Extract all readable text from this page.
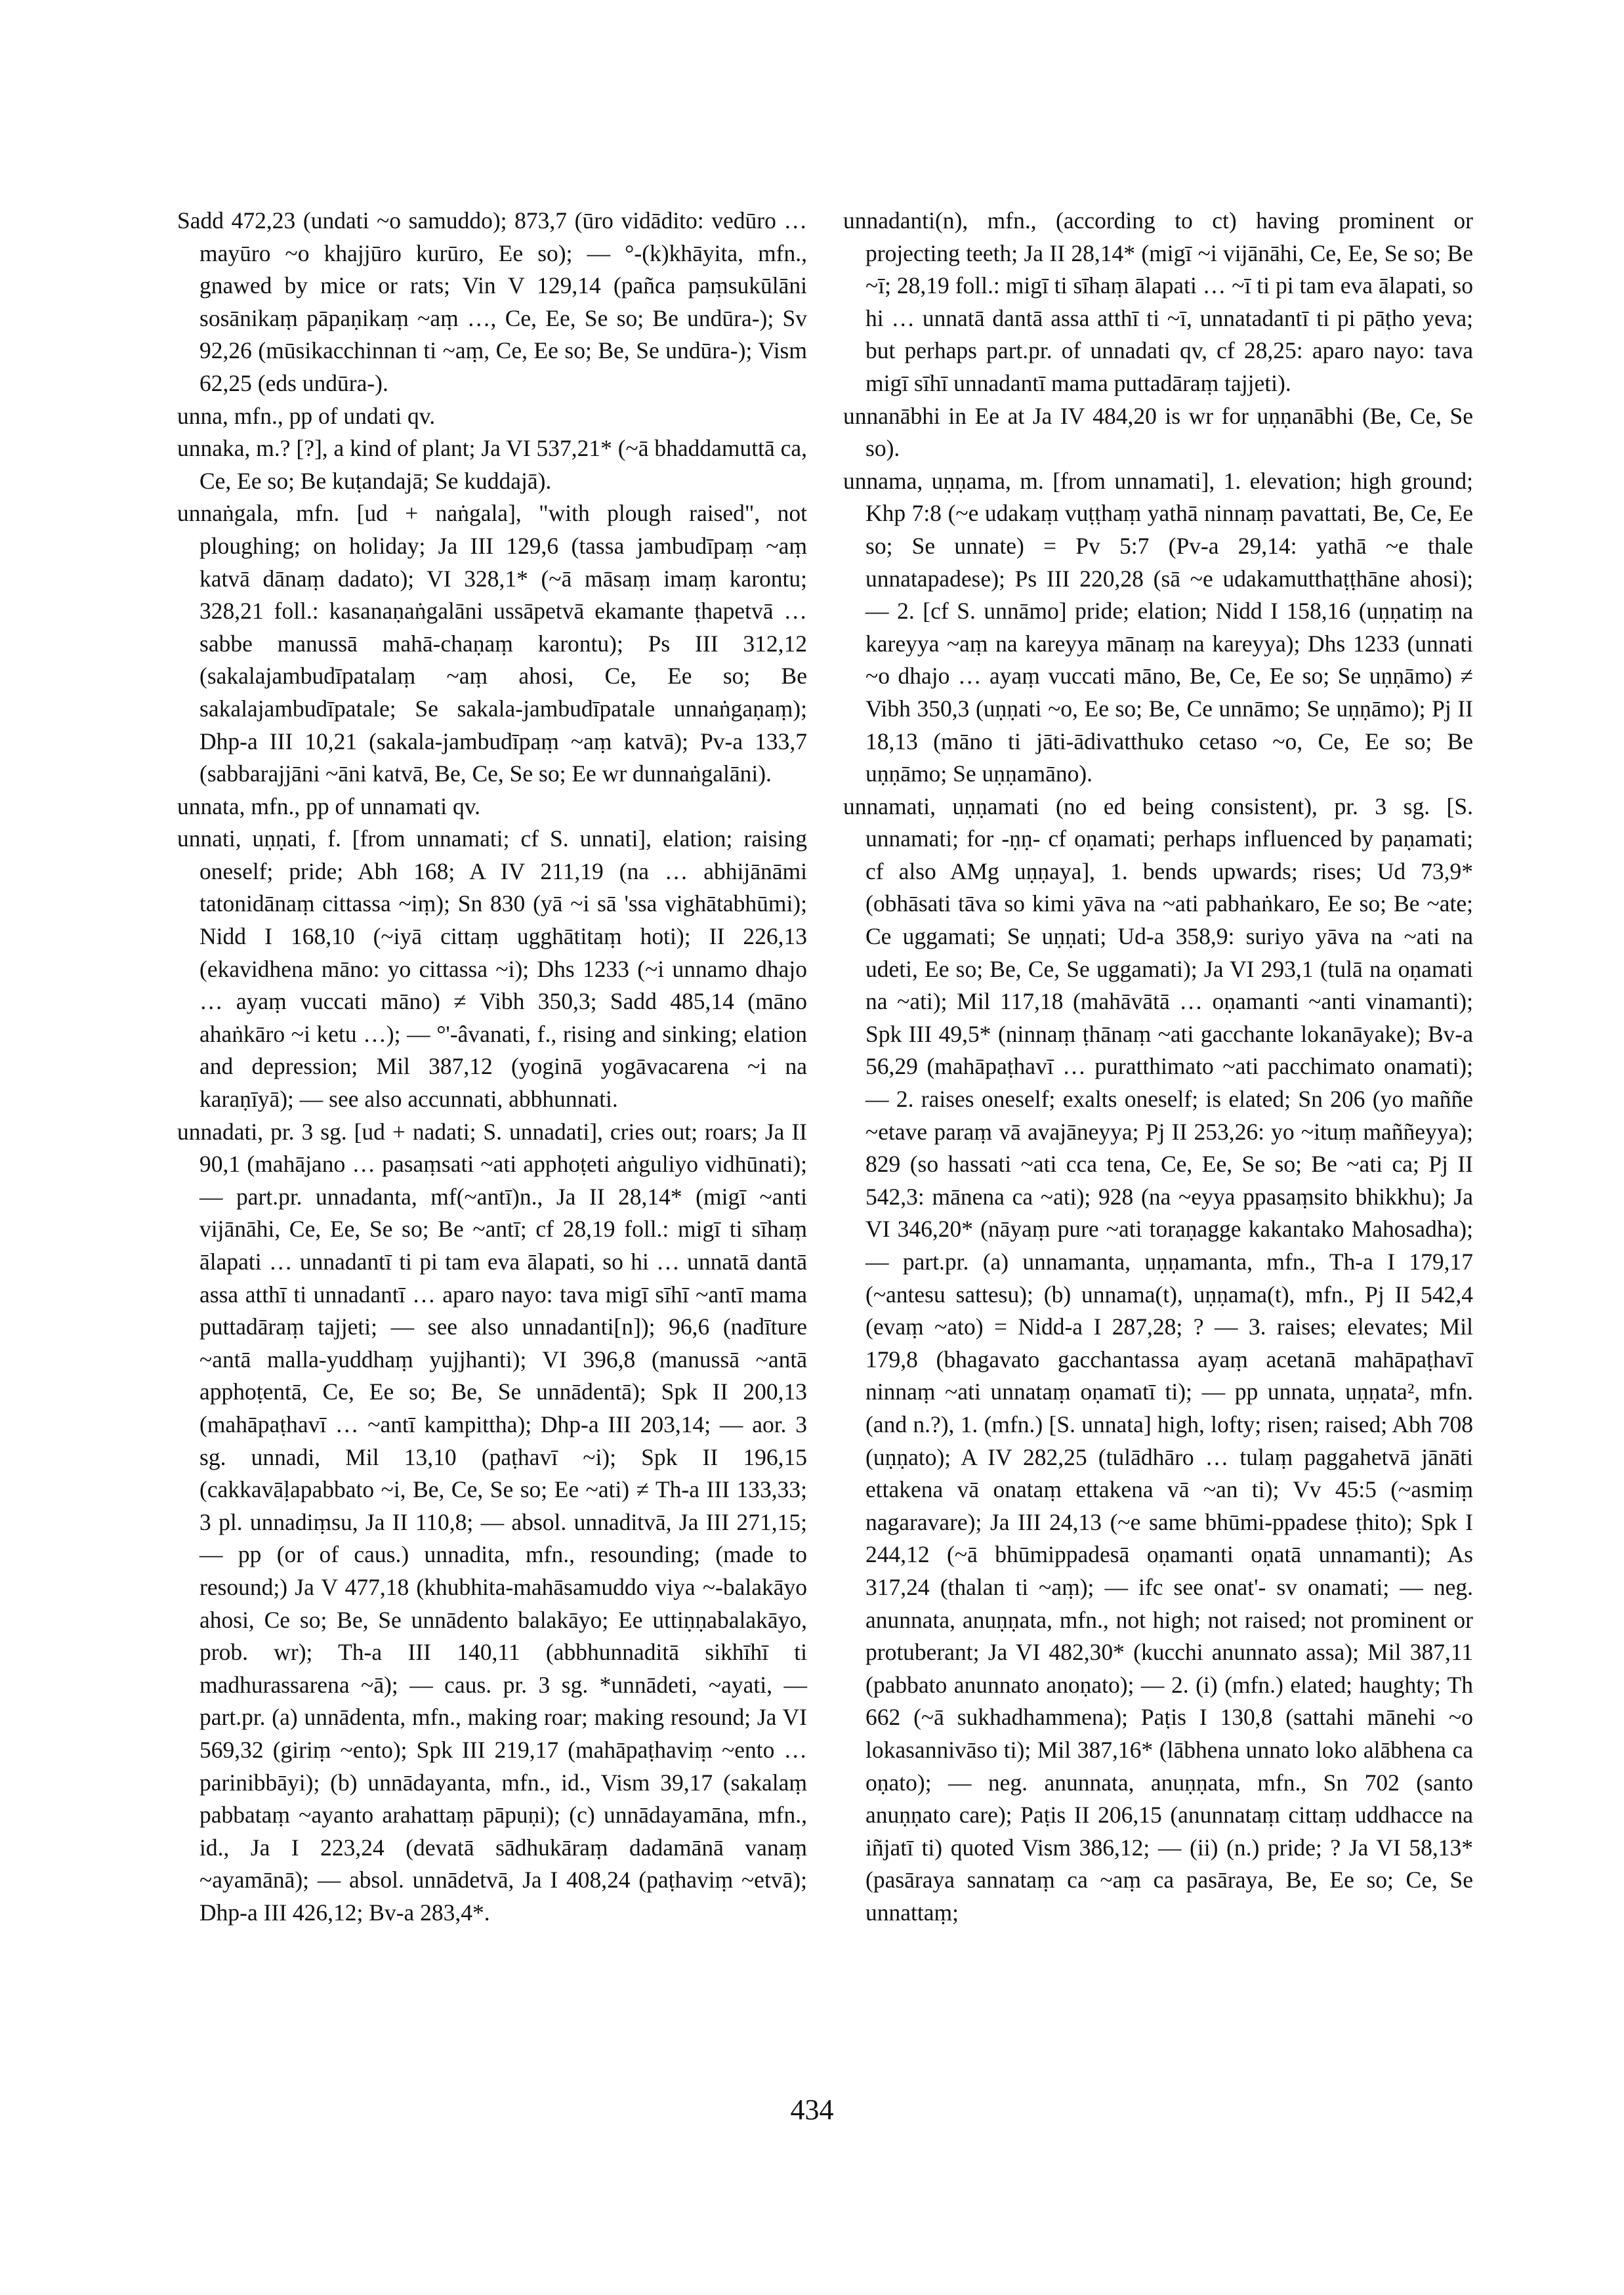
Sadd 472,23 (undati ~o samuddo); 873,7 (ūro vidādito: vedūro … mayūro ~o khajjūro kurūro, Ee so); — °-(k)khāyita, mfn., gnawed by mice or rats; Vin V 129,14 (pañca paṃsukūlāni sosānikaṃ pāpaṇikaṃ ~aṃ …, Ce, Ee, Se so; Be undūra-); Sv 92,26 (mūsikacchinnan ti ~aṃ, Ce, Ee so; Be, Se undūra-); Vism 62,25 (eds undūra-).

unna, mfn., pp of undati qv.

unnaka, m.? [?], a kind of plant; Ja VI 537,21* (~ā bhaddamuttā ca, Ce, Ee so; Be kuṭandajā; Se kuddajā).

unnaṅgala, mfn. [ud + naṅgala], "with plough raised", not ploughing; on holiday; Ja III 129,6 (tassa jambudīpaṃ ~aṃ katvā dānaṃ dadato); VI 328,1* (~ā māsaṃ imaṃ karontu; 328,21 foll.: kasanaṇaṅgalāni ussāpetvā ekamante ṭhapetvā … sabbe manussā mahā-chaṇaṃ karontu); Ps III 312,12 (sakalajambudīpatalaṃ ~aṃ ahosi, Ce, Ee so; Be sakalajambudīpatale; Se sakala-jambudīpatale unnaṅgaṇaṃ); Dhp-a III 10,21 (sakala-jambudīpaṃ ~aṃ katvā); Pv-a 133,7 (sabbarajjāni ~āni katvā, Be, Ce, Se so; Ee wr dunnaṅgalāni).

unnata, mfn., pp of unnamati qv.

unnati, uṇṇati, f. [from unnamati; cf S. unnati], elation; raising oneself; pride; Abh 168; A IV 211,19 (na … abhijānāmi tatonidānaṃ cittassa ~iṃ); Sn 830 (yā ~i sā 'ssa vighātabhūmi); Nidd I 168,10 (~iyā cittaṃ ugghātitaṃ hoti); II 226,13 (ekavidhena māno: yo cittassa ~i); Dhs 1233 (~i unnamo dhajo … ayaṃ vuccati māno) ≠ Vibh 350,3; Sadd 485,14 (māno ahaṅkāro ~i ketu …); — °'-âvanati, f., rising and sinking; elation and depression; Mil 387,12 (yoginā yogāvacarena ~i na karaṇīyā); — see also accunnati, abbhunnati.

unnadati, pr. 3 sg. [ud + nadati; S. unnadati], cries out; roars; Ja II 90,1 (mahājano … pasaṃsati ~ati apphoṭeti aṅguliyo vidhūnati); — part.pr. unnadanta, mf(~antī)n., Ja II 28,14* (migī ~anti vijānāhi, Ce, Ee, Se so; Be ~antī; cf 28,19 foll.: migī ti sīhaṃ ālapati … unnadantī ti pi tam eva ālapati, so hi … unnatā dantā assa atthī ti unnadantī … aparo nayo: tava migī sīhī ~antī mama puttadāraṃ tajjeti; — see also unnadanti[n]); 96,6 (nadīture ~antā malla-yuddhaṃ yujjhanti); VI 396,8 (manussā ~antā apphoṭentā, Ce, Ee so; Be, Se unnādentā); Spk II 200,13 (mahāpaṭhavī … ~antī kampittha); Dhp-a III 203,14; — aor. 3 sg. unnadi, Mil 13,10 (paṭhavī ~i); Spk II 196,15 (cakkavāḷapabbato ~i, Be, Ce, Se so; Ee ~ati) ≠ Th-a III 133,33; 3 pl. unnadiṃsu, Ja II 110,8; — absol. unnaditvā, Ja III 271,15; — pp (or of caus.) unnadita, mfn., resounding; (made to resound;) Ja V 477,18 (khubhita-mahāsamuddo viya ~-balakāyo ahosi, Ce so; Be, Se unnādento balakāyo; Ee uttiṇṇabalakāyo, prob. wr); Th-a III 140,11 (abbhunnaditā sikhīhī ti madhurassarena ~ā); — caus. pr. 3 sg. *unnādeti, ~ayati, — part.pr. (a) unnādenta, mfn., making roar; making resound; Ja VI 569,32 (giriṃ ~ento); Spk III 219,17 (mahāpaṭhaviṃ ~ento … parinibbāyi); (b) unnādayanta, mfn., id., Vism 39,17 (sakalaṃ pabbataṃ ~ayanto arahattaṃ pāpuṇi); (c) unnādayamāna, mfn., id., Ja I 223,24 (devatā sādhukāraṃ dadamānā vanaṃ ~ayamānā); — absol. unnādetvā, Ja I 408,24 (paṭhaviṃ ~etvā); Dhp-a III 426,12; Bv-a 283,4*.

unnadanti(n), mfn., (according to ct) having prominent or projecting teeth; Ja II 28,14* (migī ~i vijānāhi, Ce, Ee, Se so; Be ~ī; 28,19 foll.: migī ti sīhaṃ ālapati … ~ī ti pi tam eva ālapati, so hi … unnatā dantā assa atthī ti ~ī, unnatadantī ti pi pāṭho yeva; but perhaps part.pr. of unnadati qv, cf 28,25: aparo nayo: tava migī sīhī unnadantī mama puttadāraṃ tajjeti).

unnanābhi in Ee at Ja IV 484,20 is wr for uṇṇanābhi (Be, Ce, Se so).

unnama, uṇṇama, m. [from unnamati], 1. elevation; high ground; Khp 7:8 (~e udakaṃ vuṭṭhaṃ yathā ninnaṃ pavattati, Be, Ce, Ee so; Se unnate) = Pv 5:7 (Pv-a 29,14: yathā ~e thale unnatapadese); Ps III 220,28 (sā ~e udakamutthaṭṭhāne ahosi); — 2. [cf S. unnāmo] pride; elation; Nidd I 158,16 (uṇṇatiṃ na kareyya ~aṃ na kareyya mānaṃ na kareyya); Dhs 1233 (unnati ~o dhajo … ayaṃ vuccati māno, Be, Ce, Ee so; Se uṇṇāmo) ≠ Vibh 350,3 (uṇṇati ~o, Ee so; Be, Ce unnāmo; Se uṇṇāmo); Pj II 18,13 (māno ti jāti-ādivatthuko cetaso ~o, Ce, Ee so; Be uṇṇāmo; Se uṇṇamāno).

unnamati, uṇṇamati (no ed being consistent), pr. 3 sg. [S. unnamati; for -ṇṇ- cf oṇamati; perhaps influenced by paṇamati; cf also AMg uṇṇaya], 1. bends upwards; rises; Ud 73,9* (obhāsati tāva so kimi yāva na ~ati pabhaṅkaro, Ee so; Be ~ate; Ce uggamati; Se uṇṇati; Ud-a 358,9: suriyo yāva na ~ati na udeti, Ee so; Be, Ce, Se uggamati); Ja VI 293,1 (tulā na oṇamati na ~ati); Mil 117,18 (mahāvātā … oṇamanti ~anti vinamanti); Spk III 49,5* (ninnaṃ ṭhānaṃ ~ati gacchante lokanāyake); Bv-a 56,29 (mahāpaṭhavī … puratthimato ~ati pacchimato onamati); — 2. raises oneself; exalts oneself; is elated; Sn 206 (yo maññe ~etave paraṃ vā avajāneyya; Pj II 253,26: yo ~ituṃ maññeyya); 829 (so hassati ~ati cca tena, Ce, Ee, Se so; Be ~ati ca; Pj II 542,3: mānena ca ~ati); 928 (na ~eyya ppasaṃsito bhikkhu); Ja VI 346,20* (nāyaṃ pure ~ati toraṇagge kakantako Mahosadha); — part.pr. (a) unnamanta, uṇṇamanta, mfn., Th-a I 179,17 (~antesu sattesu); (b) unnama(t), uṇṇama(t), mfn., Pj II 542,4 (evaṃ ~ato) = Nidd-a I 287,28; ? — 3. raises; elevates; Mil 179,8 (bhagavato gacchantassa ayaṃ acetanā mahāpaṭhavī ninnaṃ ~ati unnataṃ oṇamatī ti); — pp unnata, uṇṇata², mfn. (and n.?), 1. (mfn.) [S. unnata] high, lofty; risen; raised; Abh 708 (uṇṇato); A IV 282,25 (tulādhāro … tulaṃ paggahetvā jānāti ettakena vā onataṃ ettakena vā ~an ti); Vv 45:5 (~asmiṃ nagaravare); Ja III 24,13 (~e same bhūmi-ppadese ṭhito); Spk I 244,12 (~ā bhūmippadesā oṇamanti oṇatā unnamanti); As 317,24 (thalan ti ~aṃ); — ifc see onat'- sv onamati; — neg. anunnata, anuṇṇata, mfn., not high; not raised; not prominent or protuberant; Ja VI 482,30* (kucchi anunnato assa); Mil 387,11 (pabbato anunnato anoṇato); — 2. (i) (mfn.) elated; haughty; Th 662 (~ā sukhadhammena); Paṭis I 130,8 (sattahi mānehi ~o lokasannivāso ti); Mil 387,16* (lābhena unnato loko alābhena ca oṇato); — neg. anunnata, anuṇṇata, mfn., Sn 702 (santo anuṇṇato care); Paṭis II 206,15 (anunnataṃ cittaṃ uddhacce na iñjatī ti) quoted Vism 386,12; — (ii) (n.) pride; ? Ja VI 58,13* (pasāraya sannataṃ ca ~aṃ ca pasāraya, Be, Ee so; Ce, Se unnattaṃ;

434
